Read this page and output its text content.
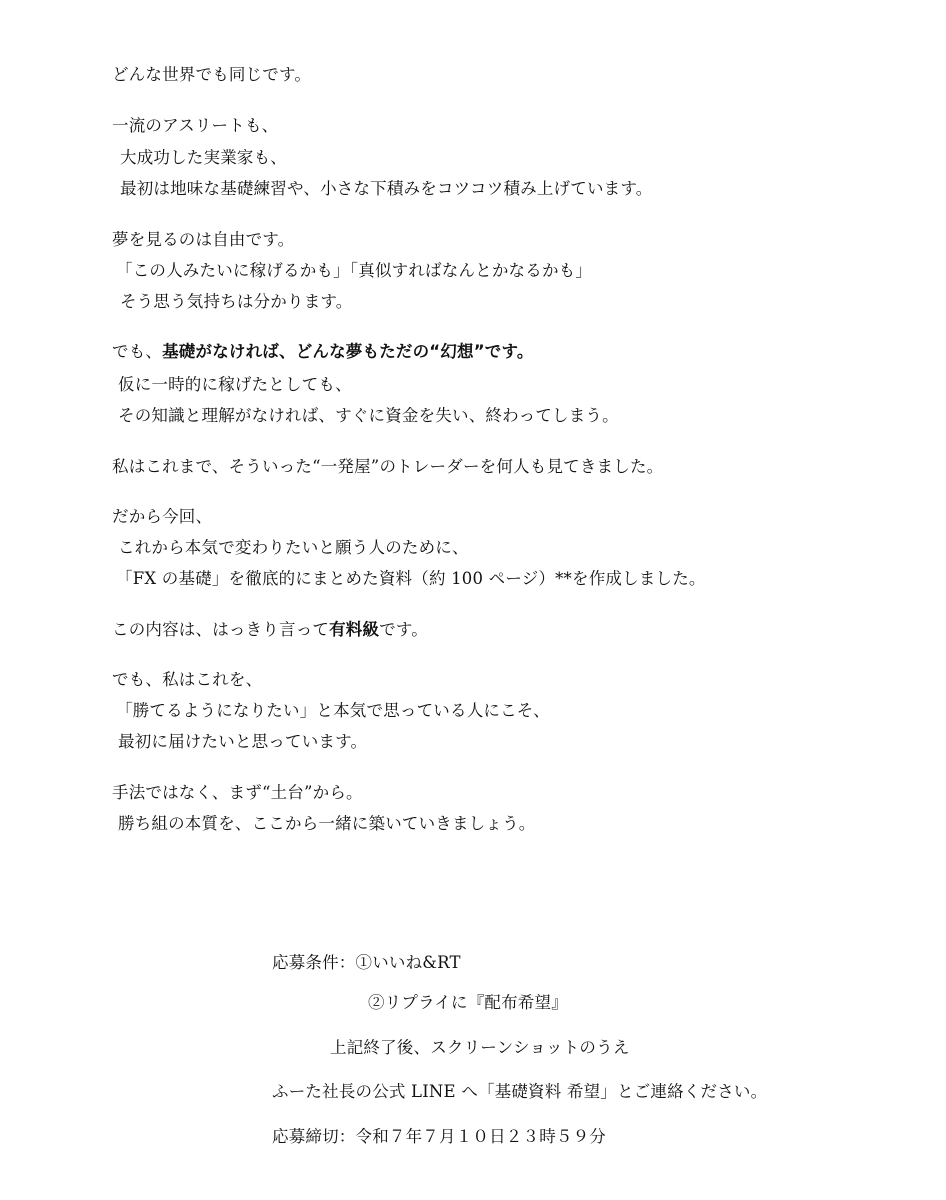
どんな世界でも同じです。
一流のアスリートも、
大成功した実業家も、
最初は地味な基礎練習や、小さな下積みをコツコツ積み上げています。
夢を見るのは自由です。
「この人みたいに稼げるかも」「真似すればなんとかなるかも」
そう思う気持ちは分かります。
でも、基礎がなければ、どんな夢もただの“幻想”です。
仮に一時的に稼げたとしても、
その知識と理解がなければ、すぐに資金を失い、終わってしまう。
私はこれまで、そういった“一発屋”のトレーダーを何人も見てきました。
だから今回、
これから本気で変わりたいと願う人のために、
「FX の基礎」を徹底的にまとめた資料（約 100 ページ）**を作成しました。
この内容は、はっきり言って有料級です。
でも、私はこれを、
「勝てるようになりたい」と本気で思っている人にこそ、
最初に届けたいと思っています。
手法ではなく、まず“土台”から。
勝ち組の本質を、ここから一緒に築いていきましょう。
応募条件：①いいね&RT
②リプライに『配布希望』
上記終了後、スクリーンショットのうえ
ふーた社長の公式 LINE へ「基礎資料 希望」とご連絡ください。
応募締切：令和７年７月１０日２３時５９分
